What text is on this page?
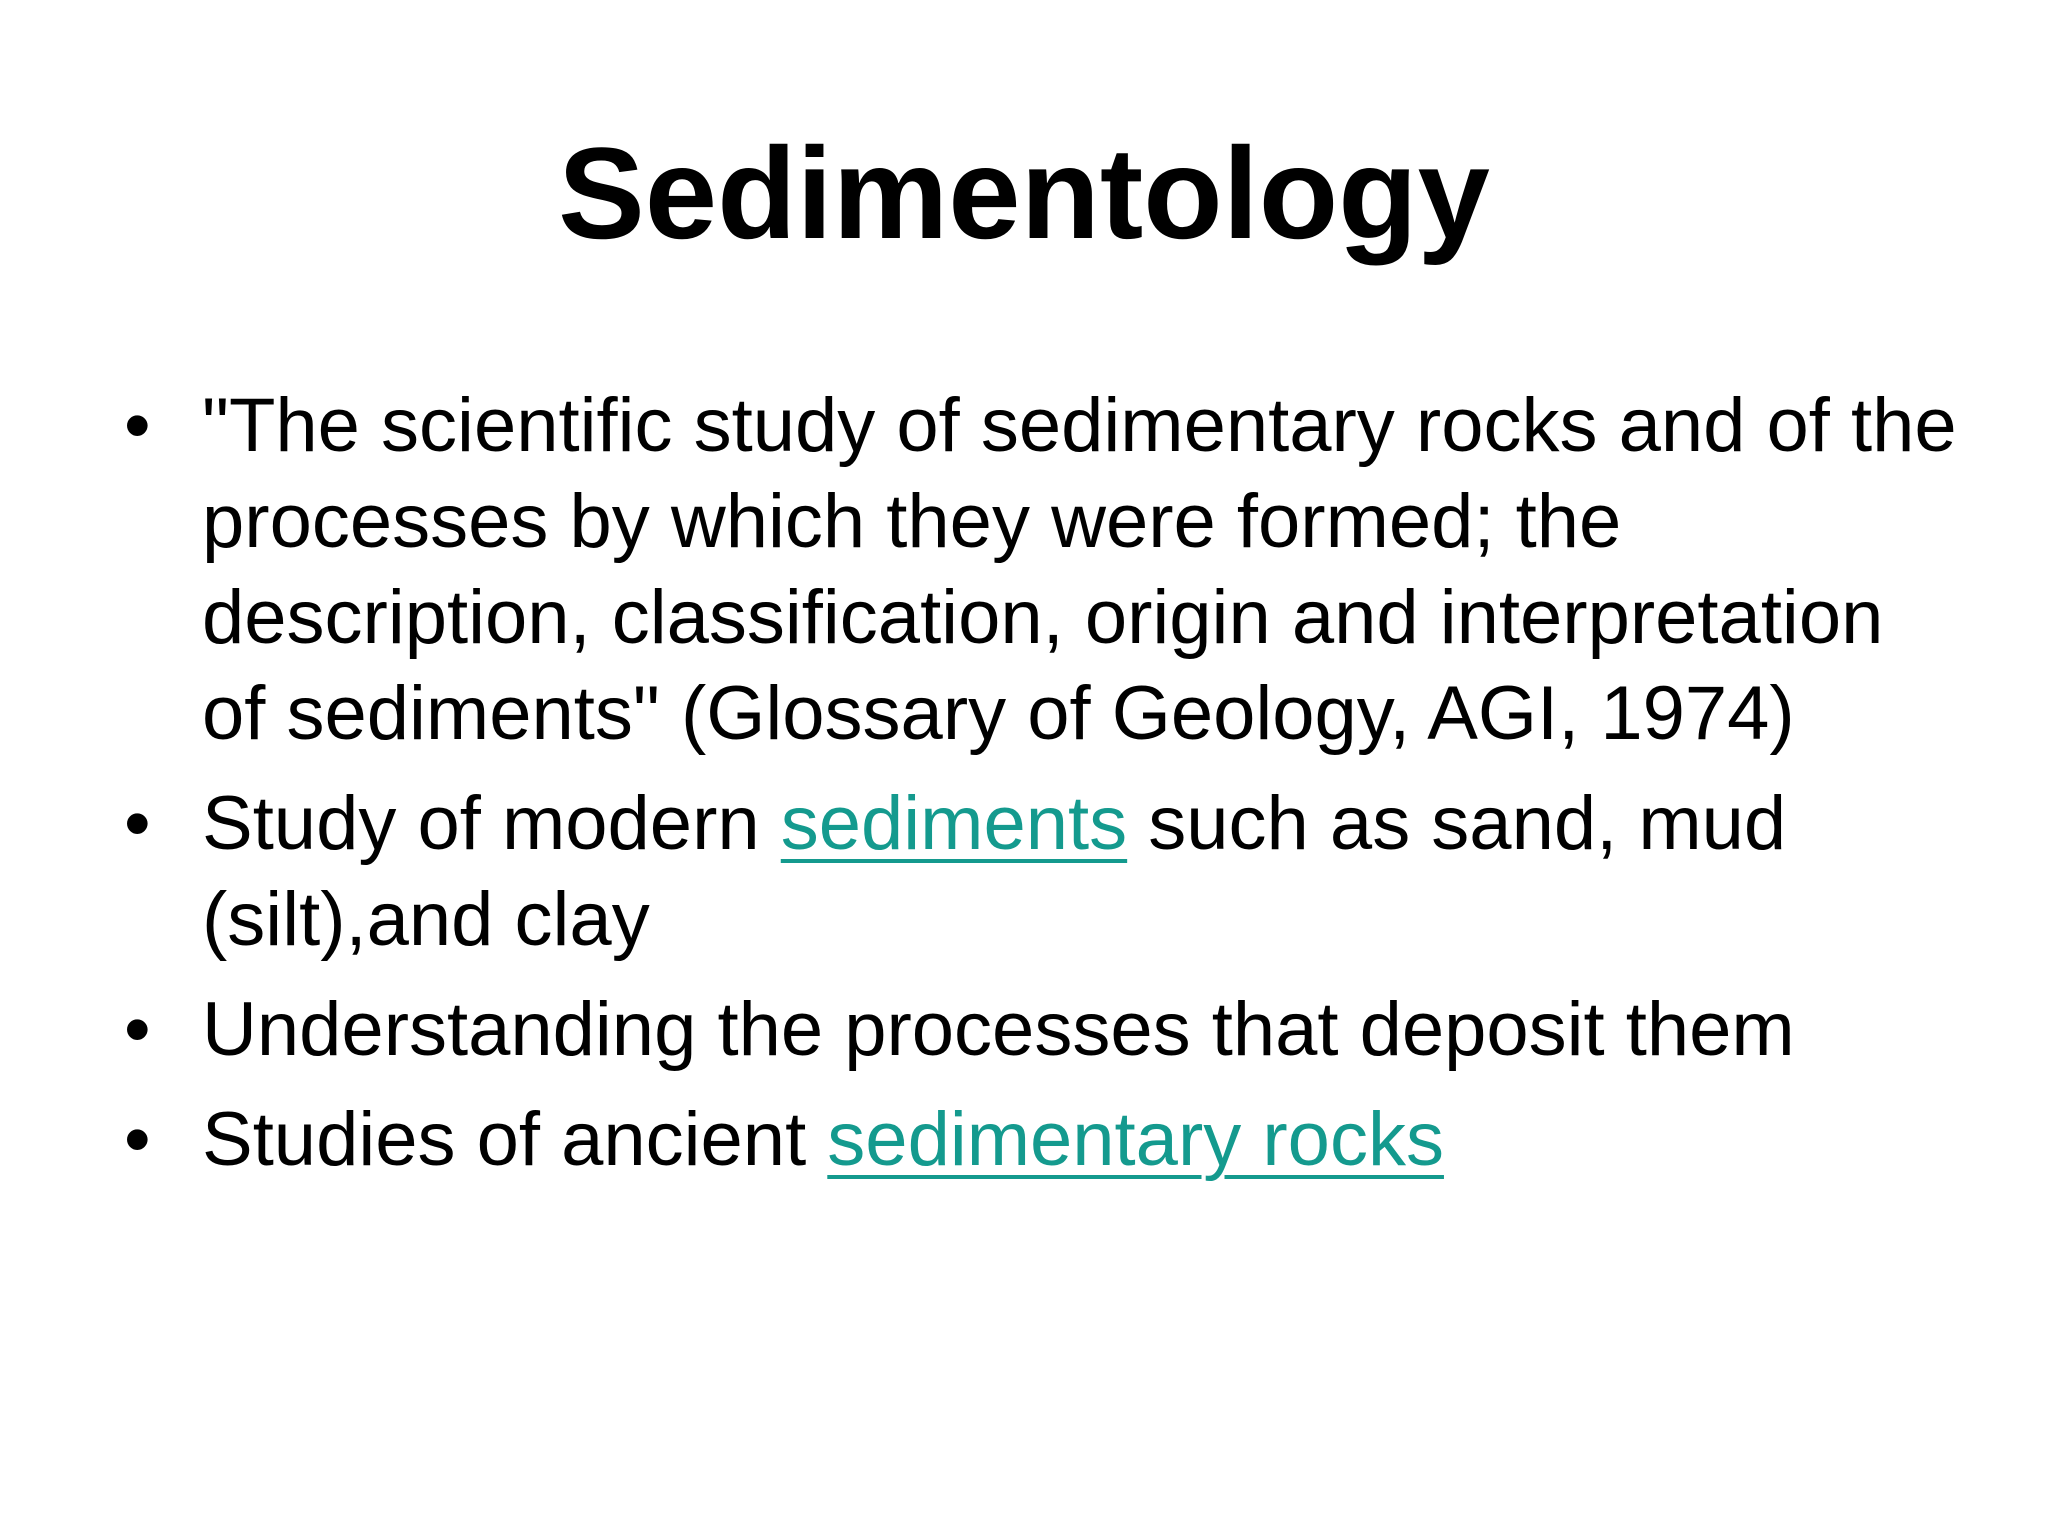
Sedimentology
• "The scientific study of sedimentary rocks and of the processes by which they were formed; the description, classification, origin and interpretation of sediments" (Glossary of Geology, AGI, 1974)
• Study of modern sediments such as sand, mud (silt),and clay
• Understanding the processes that deposit them
• Studies of ancient sedimentary rocks
